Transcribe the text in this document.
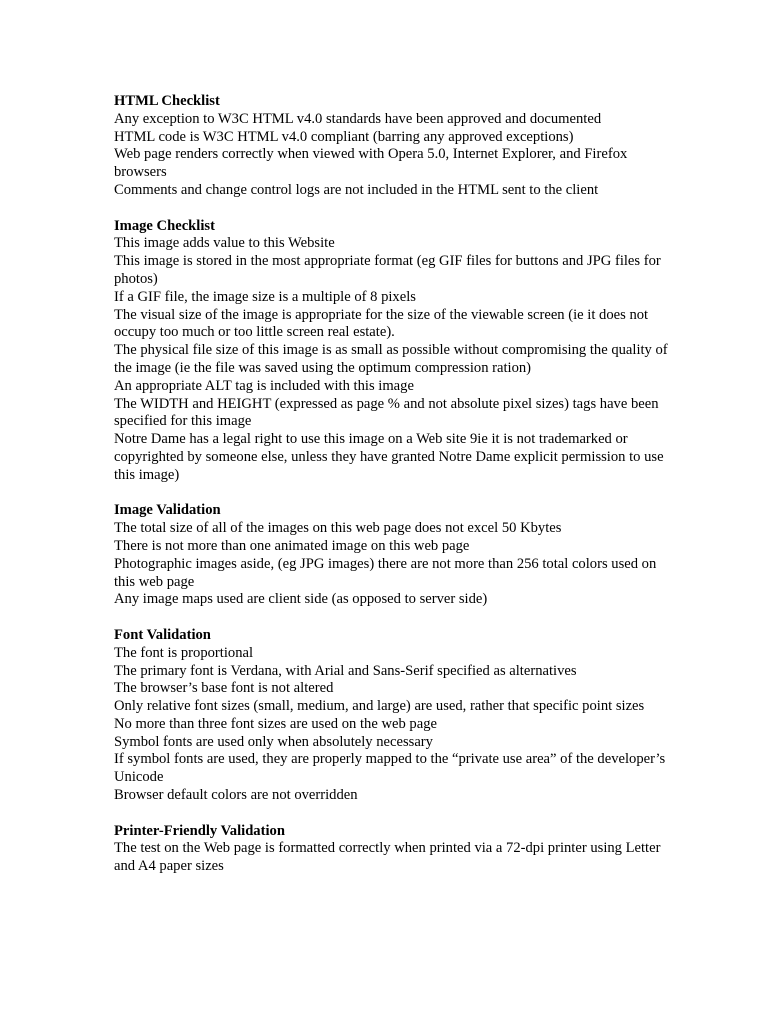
HTML Checklist
Any exception to W3C HTML v4.0 standards have been approved and documented
HTML code is W3C HTML v4.0 compliant (barring any approved exceptions)
Web page renders correctly when viewed with Opera 5.0, Internet Explorer, and Firefox browsers
Comments and change control logs are not included in the HTML sent to the client
Image Checklist
This image adds value to this Website
This image is stored in the most appropriate format (eg GIF files for buttons and JPG files for photos)
If a GIF file, the image size is a multiple of 8 pixels
The visual size of the image is appropriate for the size of the viewable screen (ie it does not occupy too much or too little screen real estate).
The physical file size of this image is as small as possible without compromising the quality of the image (ie the file was saved using the optimum compression ration)
An appropriate ALT tag is included with this image
The WIDTH and HEIGHT (expressed as page % and not absolute pixel sizes) tags have been specified for this image
Notre Dame has a legal right to use this image on a Web site 9ie it is not trademarked or copyrighted by someone else, unless they have granted Notre Dame explicit permission to use this image)
Image Validation
The total size of all of the images on this web page does not excel 50 Kbytes
There is not more than one animated image on this web page
Photographic images aside, (eg JPG images) there are not more than 256 total colors used on this web page
Any image maps used are client side (as opposed to server side)
Font Validation
The font is proportional
The primary font is Verdana, with Arial and Sans-Serif specified as alternatives
The browser’s base font is not altered
Only relative font sizes (small, medium, and large) are used, rather that specific point sizes
No more than three font sizes are used on the web page
Symbol fonts are used only when absolutely necessary
If symbol fonts are used, they are properly mapped to the “private use area” of the developer’s Unicode
Browser default colors are not overridden
Printer-Friendly Validation
The test on the Web page is formatted correctly when printed via a 72-dpi printer using Letter and A4 paper sizes
